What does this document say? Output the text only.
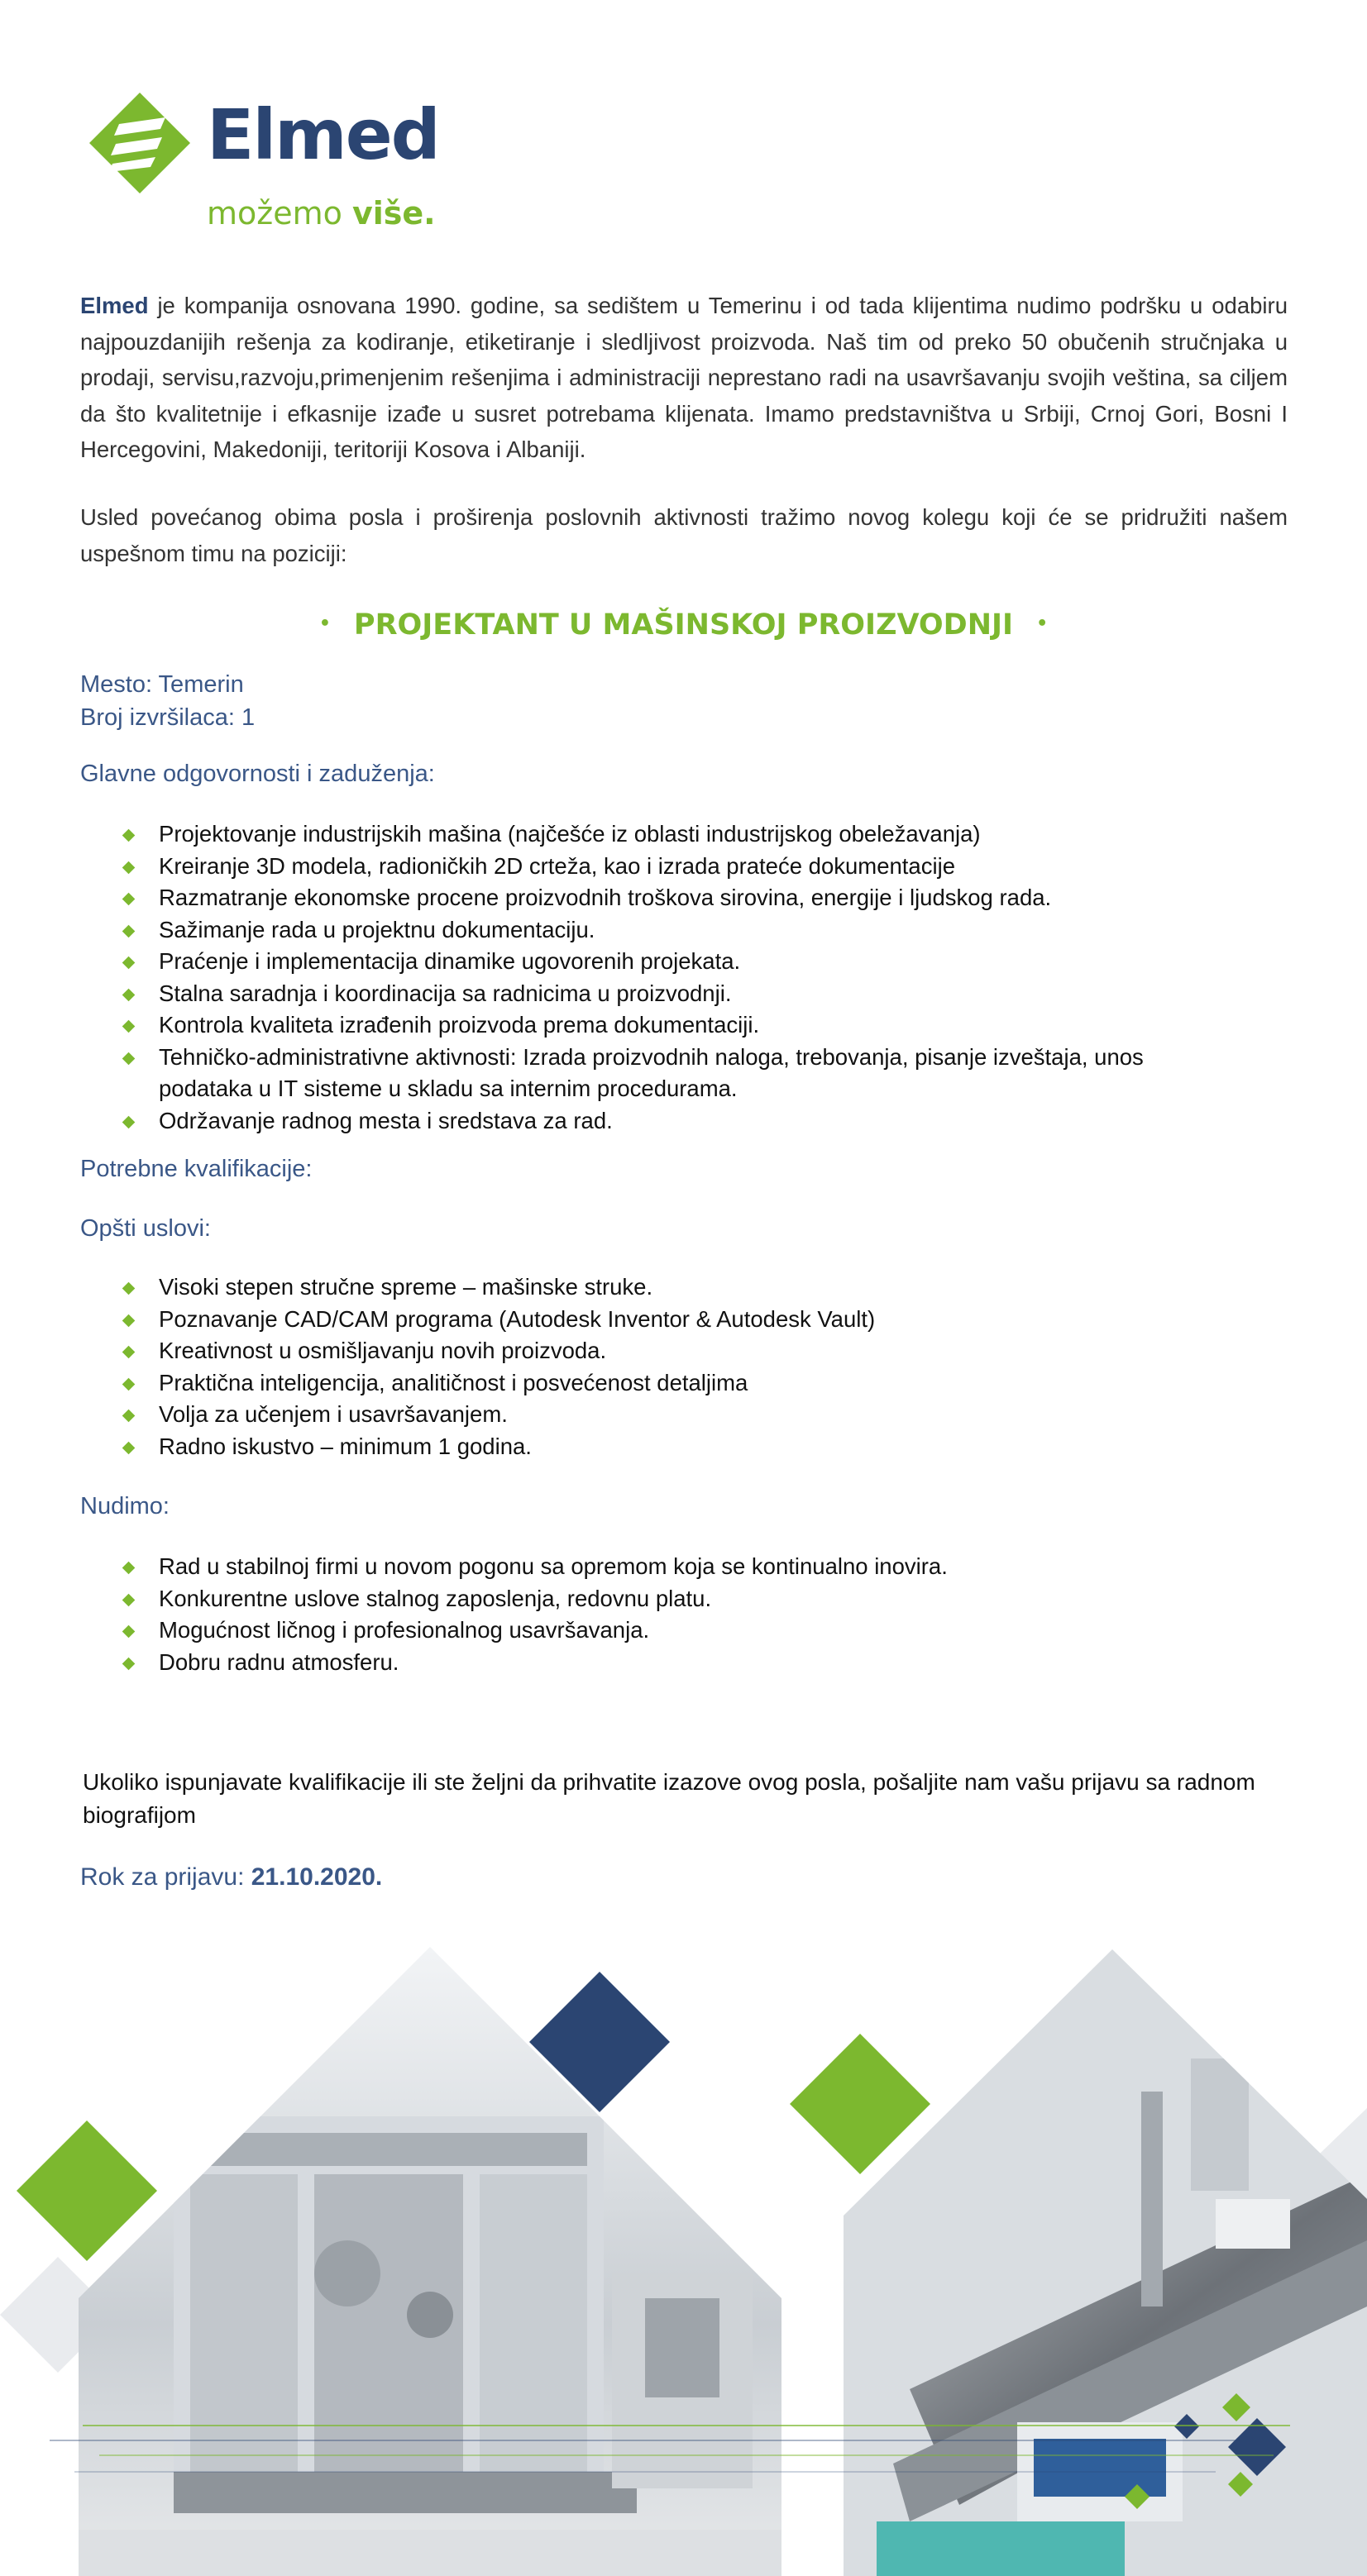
Elmed
možemo više.
Elmed je kompanija osnovana 1990. godine, sa sedištem u Temerinu i od tada klijentima nudimo podršku u odabiru najpouzdanijih rešenja za kodiranje, etiketiranje i sledljivost proizvoda. Naš tim od preko 50 obučenih stručnjaka u prodaji, servisu,razvoju,primenjenim rešenjima i administraciji neprestano radi na usavršavanju svojih veština, sa ciljem da što kvalitetnije i efkasnije izađe u susret potrebama klijenata. Imamo predstavništva u Srbiji, Crnoj Gori, Bosni I Hercegovini, Makedoniji, teritoriji Kosova i Albaniji.
Usled povećanog obima posla i proširenja poslovnih aktivnosti tražimo novog kolegu koji će se pridružiti našem uspešnom timu na poziciji:
• PROJEKTANT U MAŠINSKOJ PROIZVODNJI •
Mesto: Temerin
Broj izvršilaca: 1
Glavne odgovornosti i zaduženja:
Projektovanje industrijskih mašina (najčešće iz oblasti industrijskog obeležavanja)
Kreiranje 3D modela, radioničkih 2D crteža, kao i izrada prateće dokumentacije
Razmatranje ekonomske procene proizvodnih troškova sirovina, energije i ljudskog rada.
Sažimanje rada u projektnu dokumentaciju.
Praćenje i implementacija dinamike ugovorenih projekata.
Stalna saradnja i koordinacija sa radnicima u proizvodnji.
Kontrola kvaliteta izrađenih proizvoda prema dokumentaciji.
Tehničko-administrativne aktivnosti: Izrada proizvodnih naloga, trebovanja, pisanje izveštaja, unos podataka u IT sisteme u skladu sa internim procedurama.
Održavanje radnog mesta i sredstava za rad.
Potrebne kvalifikacije:
Opšti uslovi:
Visoki stepen stručne spreme – mašinske struke.
Poznavanje CAD/CAM programa (Autodesk Inventor & Autodesk Vault)
Kreativnost u osmišljavanju novih proizvoda.
Praktična inteligencija, analitičnost i posvećenost detaljima
Volja za učenjem i usavršavanjem.
Radno iskustvo – minimum 1 godina.
Nudimo:
Rad u stabilnoj firmi u novom pogonu sa opremom koja se kontinualno inovira.
Konkurentne uslove stalnog zaposlenja, redovnu platu.
Mogućnost ličnog i profesionalnog usavršavanja.
Dobru radnu atmosferu.
Ukoliko ispunjavate kvalifikacije ili ste željni da prihvatite izazove ovog posla, pošaljite nam vašu prijavu sa radnom biografijom
Rok za prijavu: 21.10.2020.
